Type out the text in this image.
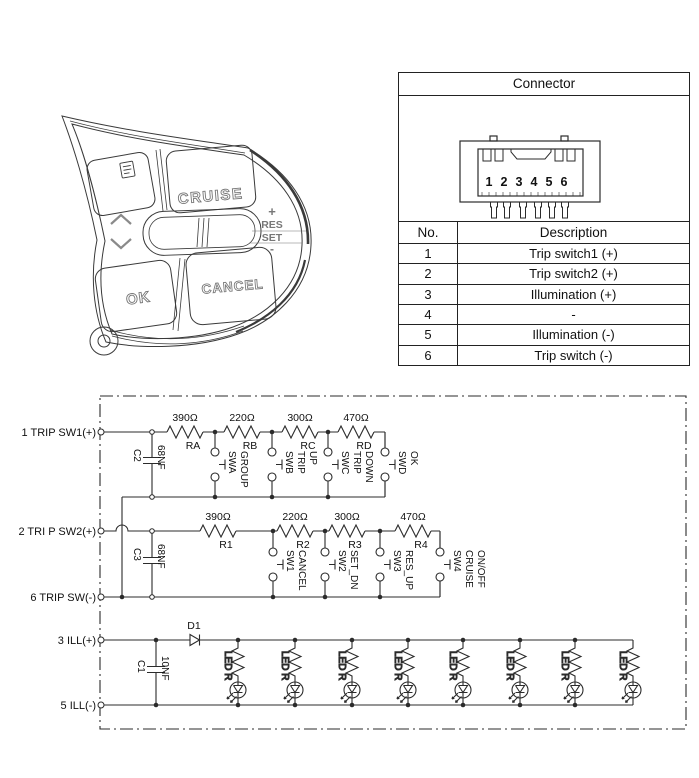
CRUISE
OK
CANCEL
+
RES
SET
-
Connector
1 2 3 4 5 6
No.	Description
1	Trip switch1 (+)
2	Trip switch2 (+)
3	Illumination (+)
4	-
5	Illumination (-)
6	Trip switch (-)
1 TRIP SW1(+)
2 TRI P SW2(+)
6 TRIP SW(-)
3 ILL(+)
5 ILL(-)
390Ω	220Ω	300Ω	470Ω
RA	RB	RC	RD
390Ω	220Ω	300Ω	470Ω
R1	R2	R3	R4
D1
C2 68NF
C3 68NF
C1 10NF
SWA GROUP	SWB TRIP UP SWC TRIP DOWN SWD OK
SW1 CANCEL	SW2 SET_DN	SW3 RES_UP	SW4 CRUISE ON/OFF
